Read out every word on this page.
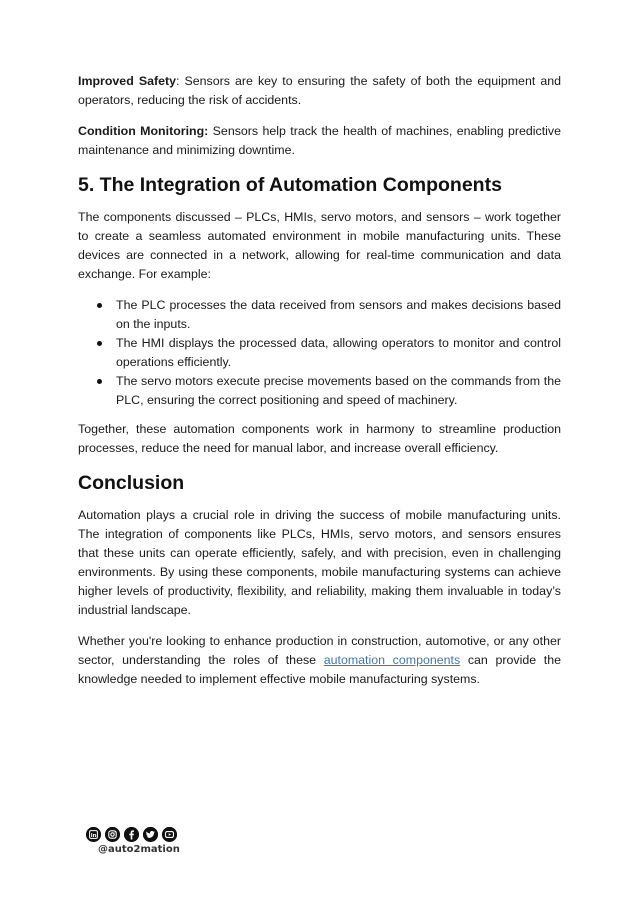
Improved Safety: Sensors are key to ensuring the safety of both the equipment and operators, reducing the risk of accidents.

Condition Monitoring: Sensors help track the health of machines, enabling predictive maintenance and minimizing downtime.

5. The Integration of Automation Components

The components discussed – PLCs, HMIs, servo motors, and sensors – work together to create a seamless automated environment in mobile manufacturing units. These devices are connected in a network, allowing for real-time communication and data exchange. For example:

The PLC processes the data received from sensors and makes decisions based on the inputs.
The HMI displays the processed data, allowing operators to monitor and control operations efficiently.
The servo motors execute precise movements based on the commands from the PLC, ensuring the correct positioning and speed of machinery.

Together, these automation components work in harmony to streamline production processes, reduce the need for manual labor, and increase overall efficiency.

Conclusion

Automation plays a crucial role in driving the success of mobile manufacturing units. The integration of components like PLCs, HMIs, servo motors, and sensors ensures that these units can operate efficiently, safely, and with precision, even in challenging environments. By using these components, mobile manufacturing systems can achieve higher levels of productivity, flexibility, and reliability, making them invaluable in today’s industrial landscape.

Whether you're looking to enhance production in construction, automotive, or any other sector, understanding the roles of these automation components can provide the knowledge needed to implement effective mobile manufacturing systems.

in
@auto2mation
